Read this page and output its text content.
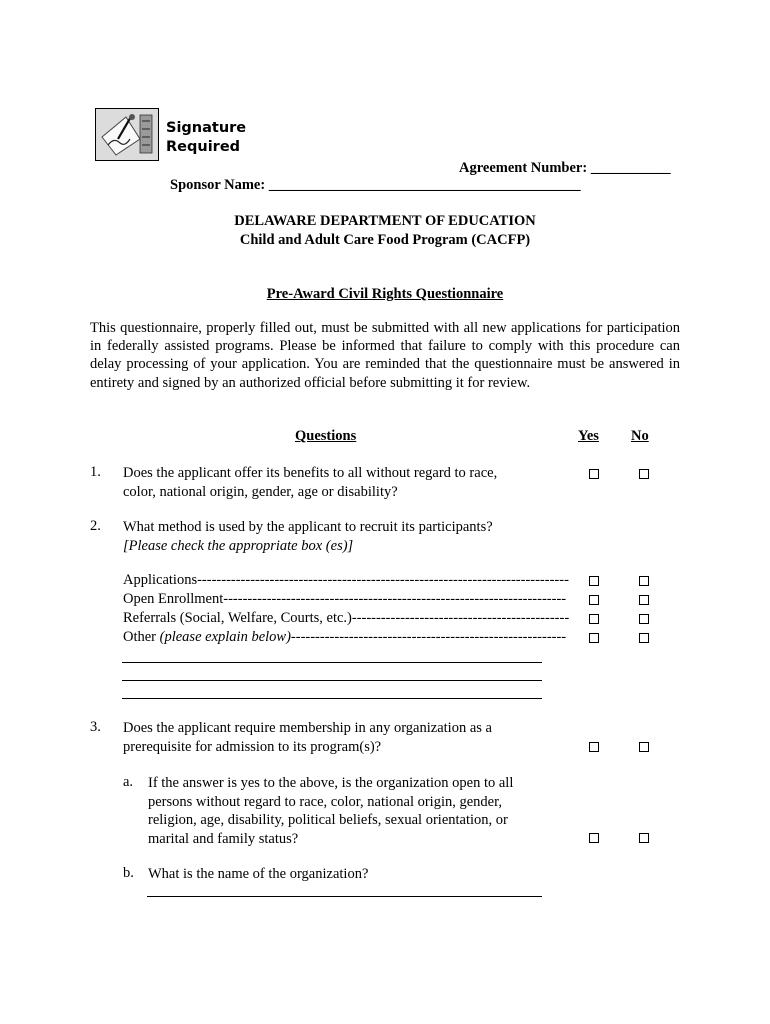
Signature
Required
Agreement Number: ___________
Sponsor Name: ___________________________________________
DELAWARE DEPARTMENT OF EDUCATION
Child and Adult Care Food Program (CACFP)
Pre-Award Civil Rights Questionnaire
This questionnaire, properly filled out, must be submitted with all new applications for participation in federally assisted programs. Please be informed that failure to comply with this procedure can delay processing of your application. You are reminded that the questionnaire must be answered in entirety and signed by an authorized official before submitting it for review.
Questions	Yes No
1. Does the applicant offer its benefits to all without regard to race,
color, national origin, gender, age or disability?
2. What method is used by the applicant to recruit its participants?
[Please check the appropriate box (es)]
Applications-----------------------------------------------------------------------------
Open Enrollment-----------------------------------------------------------------------
Referrals (Social, Welfare, Courts, etc.)---------------------------------------------
Other (please explain below)---------------------------------------------------------
3. Does the applicant require membership in any organization as a
prerequisite for admission to its program(s)?
a. If the answer is yes to the above, is the organization open to all
persons without regard to race, color, national origin, gender,
religion, age, disability, political beliefs, sexual orientation, or
marital and family status?
b. What is the name of the organization?
